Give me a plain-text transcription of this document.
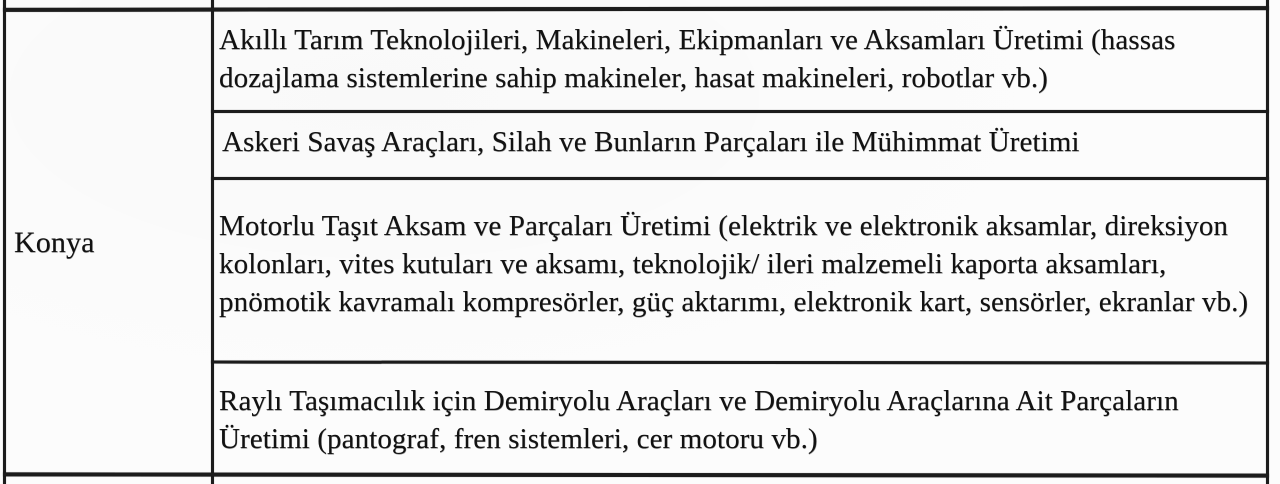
Konya
Akıllı Tarım Teknolojileri, Makineleri, Ekipmanları ve Aksamları Üretimi (hassas
dozajlama sistemlerine sahip makineler, hasat makineleri, robotlar vb.)
Askeri Savaş Araçları, Silah ve Bunların Parçaları ile Mühimmat Üretimi
Motorlu Taşıt Aksam ve Parçaları Üretimi (elektrik ve elektronik aksamlar, direksiyon
kolonları, vites kutuları ve aksamı, teknolojik/ ileri malzemeli kaporta aksamları,
pnömotik kavramalı kompresörler, güç aktarımı, elektronik kart, sensörler, ekranlar vb.)
Raylı Taşımacılık için Demiryolu Araçları ve Demiryolu Araçlarına Ait Parçaların
Üretimi (pantograf, fren sistemleri, cer motoru vb.)
